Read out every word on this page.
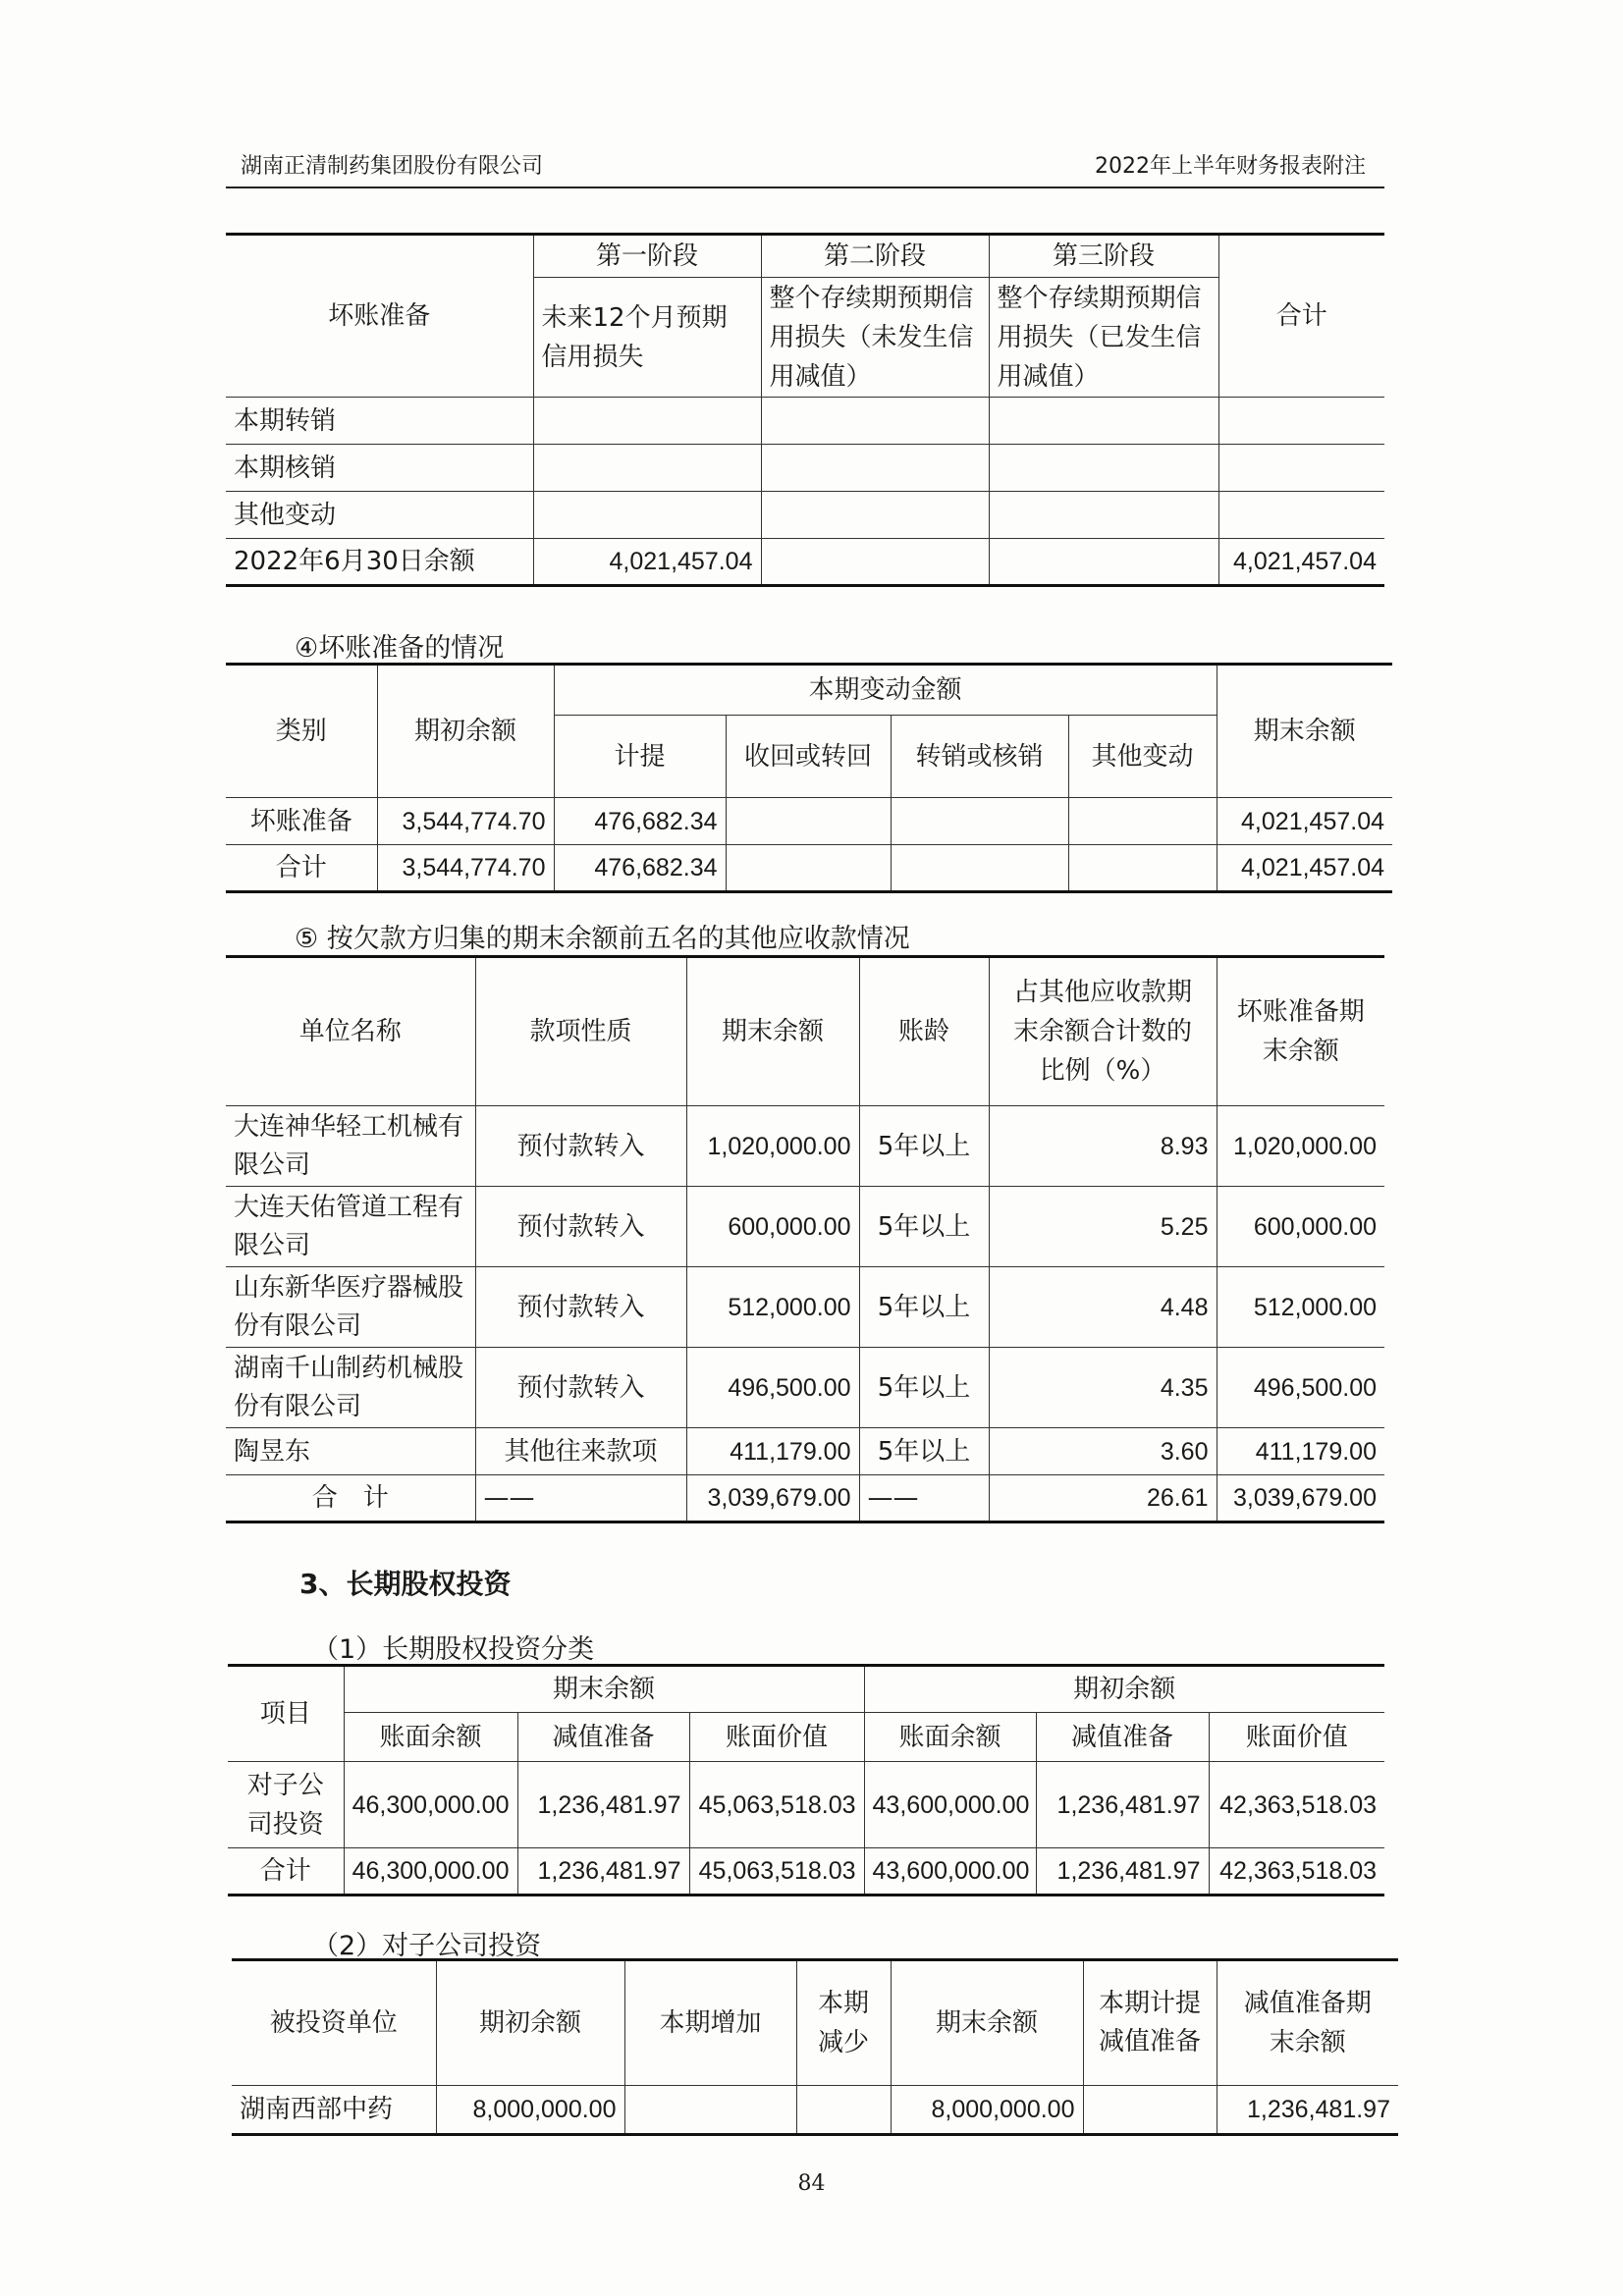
湖南正清制药集团股份有限公司	2022年上半年财务报表附注
坏账准备	第一阶段	第二阶段	第三阶段	合计
	未来12个月预期信用损失	整个存续期预期信用损失（未发生信用减值）	整个存续期预期信用损失（已发生信用减值）	
本期转销				
本期核销				
其他变动				
2022年6月30日余额	4,021,457.04			4,021,457.04
④坏账准备的情况
类别	期初余额	本期变动金额				期末余额
		计提	收回或转回	转销或核销	其他变动	
坏账准备	3,544,774.70	476,682.34				4,021,457.04
合计	3,544,774.70	476,682.34				4,021,457.04
⑤ 按欠款方归集的期末余额前五名的其他应收款情况
单位名称	款项性质	期末余额	账龄	占其他应收款期末余额合计数的比例（%）	坏账准备期末余额
大连神华轻工机械有限公司	预付款转入	1,020,000.00	5年以上	8.93	1,020,000.00
大连天佑管道工程有限公司	预付款转入	600,000.00	5年以上	5.25	600,000.00
山东新华医疗器械股份有限公司	预付款转入	512,000.00	5年以上	4.48	512,000.00
湖南千山制药机械股份有限公司	预付款转入	496,500.00	5年以上	4.35	496,500.00
陶昱东	其他往来款项	411,179.00	5年以上	3.60	411,179.00
合　计	——	3,039,679.00	——	26.61	3,039,679.00
3、长期股权投资
（1）长期股权投资分类
项目	期末余额			期初余额		
	账面余额	减值准备	账面价值	账面余额	减值准备	账面价值
对子公司投资	46,300,000.00	1,236,481.97	45,063,518.03	43,600,000.00	1,236,481.97	42,363,518.03
合计	46,300,000.00	1,236,481.97	45,063,518.03	43,600,000.00	1,236,481.97	42,363,518.03
（2）对子公司投资
被投资单位	期初余额	本期增加	本期减少	期末余额	本期计提减值准备	减值准备期末余额
湖南西部中药	8,000,000.00			8,000,000.00		1,236,481.97
84
